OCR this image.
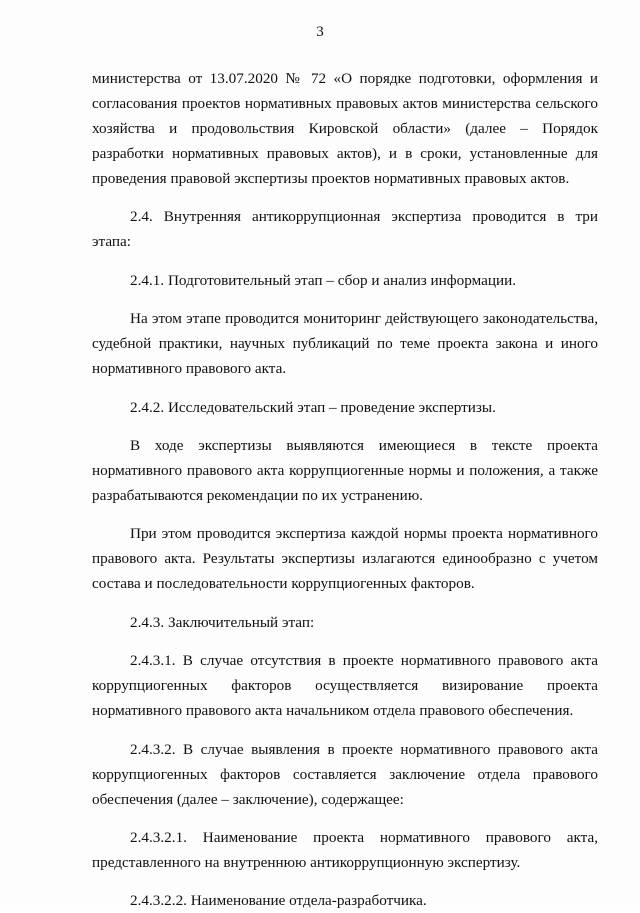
3
министерства от 13.07.2020 № 72 «О порядке подготовки, оформления и
согласования проектов нормативных правовых актов министерства сельского
хозяйства и продовольствия Кировской области» (далее – Порядок
разработки нормативных правовых актов), и в сроки, установленные для
проведения правовой экспертизы проектов нормативных правовых актов.
2.4. Внутренняя антикоррупционная экспертиза проводится в три
этапа:
2.4.1. Подготовительный этап – сбор и анализ информации.
На этом этапе проводится мониторинг действующего законодательства,
судебной практики, научных публикаций по теме проекта закона и иного
нормативного правового акта.
2.4.2. Исследовательский этап – проведение экспертизы.
В ходе экспертизы выявляются имеющиеся в тексте проекта
нормативного правового акта коррупциогенные нормы и положения, а также
разрабатываются рекомендации по их устранению.
При этом проводится экспертиза каждой нормы проекта нормативного
правового акта. Результаты экспертизы излагаются единообразно с учетом
состава и последовательности коррупциогенных факторов.
2.4.3. Заключительный этап:
2.4.3.1. В случае отсутствия в проекте нормативного правового акта
коррупциогенных факторов осуществляется визирование проекта
нормативного правового акта начальником отдела правового обеспечения.
2.4.3.2. В случае выявления в проекте нормативного правового акта
коррупциогенных факторов составляется заключение отдела правового
обеспечения (далее – заключение), содержащее:
2.4.3.2.1. Наименование проекта нормативного правового акта,
представленного на внутреннюю антикоррупционную экспертизу.
2.4.3.2.2. Наименование отдела-разработчика.
